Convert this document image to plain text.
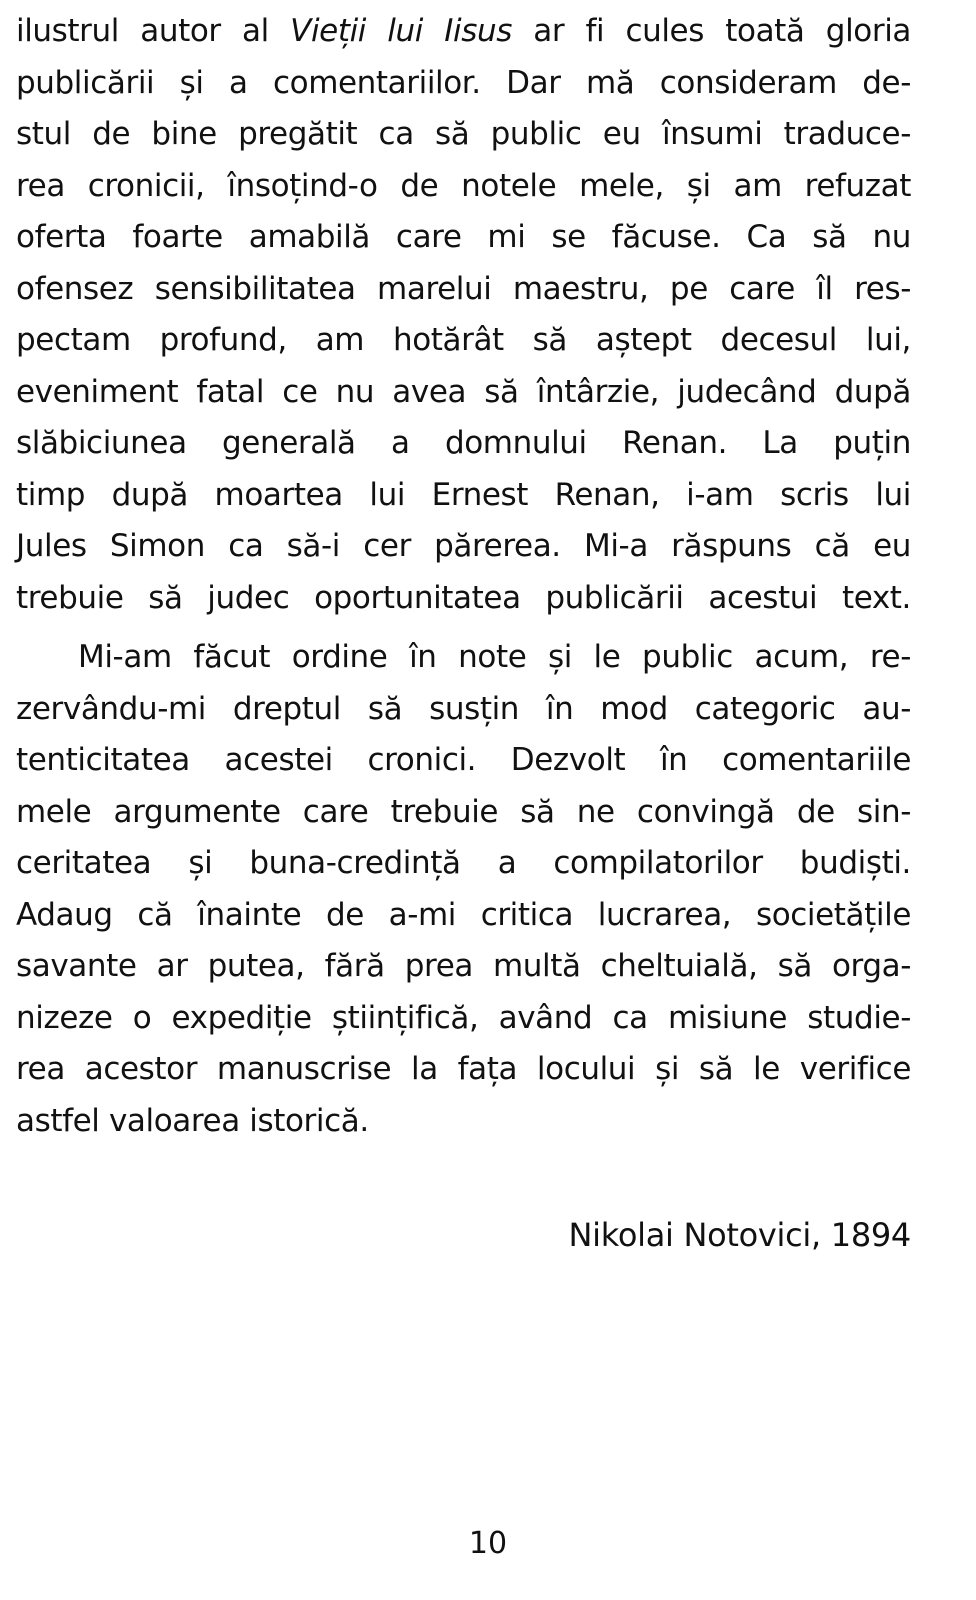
ilustrul autor al Vieții lui Iisus ar fi cules toată gloria
publicării și a comentariilor. Dar mă consideram de-
stul de bine pregătit ca să public eu însumi traduce-
rea cronicii, însoțind-o de notele mele, și am refuzat
oferta foarte amabilă care mi se făcuse. Ca să nu
ofensez sensibilitatea marelui maestru, pe care îl res-
pectam profund, am hotărât să aștept decesul lui,
eveniment fatal ce nu avea să întârzie, judecând după
slăbiciunea generală a domnului Renan. La puțin
timp după moartea lui Ernest Renan, i-am scris lui
Jules Simon ca să-i cer părerea. Mi-a răspuns că eu
trebuie să judec oportunitatea publicării acestui text.
Mi-am făcut ordine în note și le public acum, re-
zervându-mi dreptul să susțin în mod categoric au-
tenticitatea acestei cronici. Dezvolt în comentariile
mele argumente care trebuie să ne convingă de sin-
ceritatea și buna-credință a compilatorilor budiști.
Adaug că înainte de a-mi critica lucrarea, societățile
savante ar putea, fără prea multă cheltuială, să orga-
nizeze o expediție științifică, având ca misiune studie-
rea acestor manuscrise la fața locului și să le verifice
astfel valoarea istorică.
Nikolai Notovici, 1894
10
